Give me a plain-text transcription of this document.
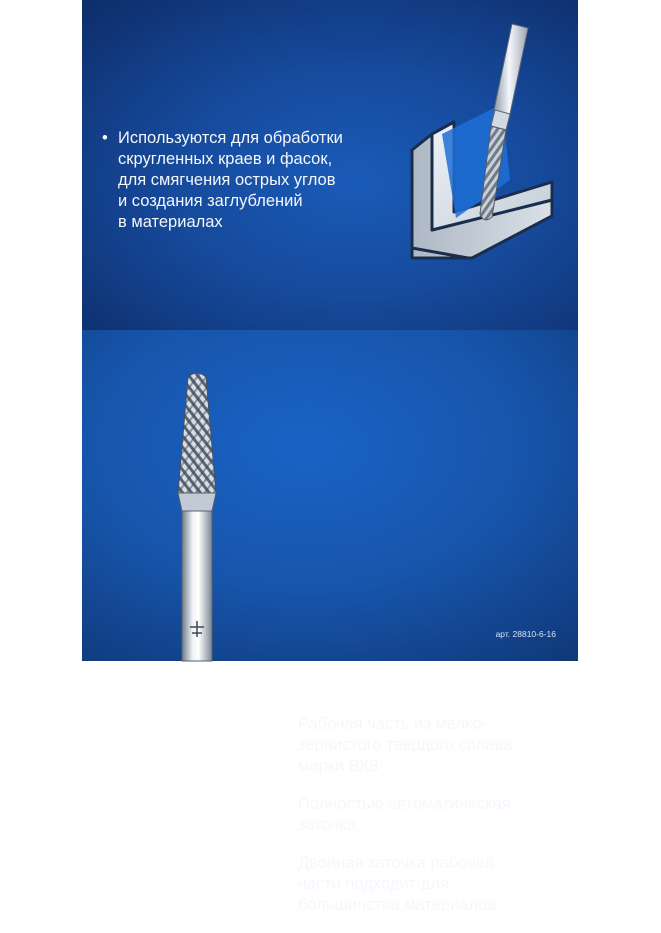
• Используются для обработки
скругленных краев и фасок,
для смягчения острых углов
и создания заглублений
в материалах
• Рабочая часть из мелко-
зернистого твердого сплава
марки ВК8
• Полностью автоматическая
заточка
• Двойная заточка рабочей
части подходит для
большинства материалов
арт. 28810-6-16
